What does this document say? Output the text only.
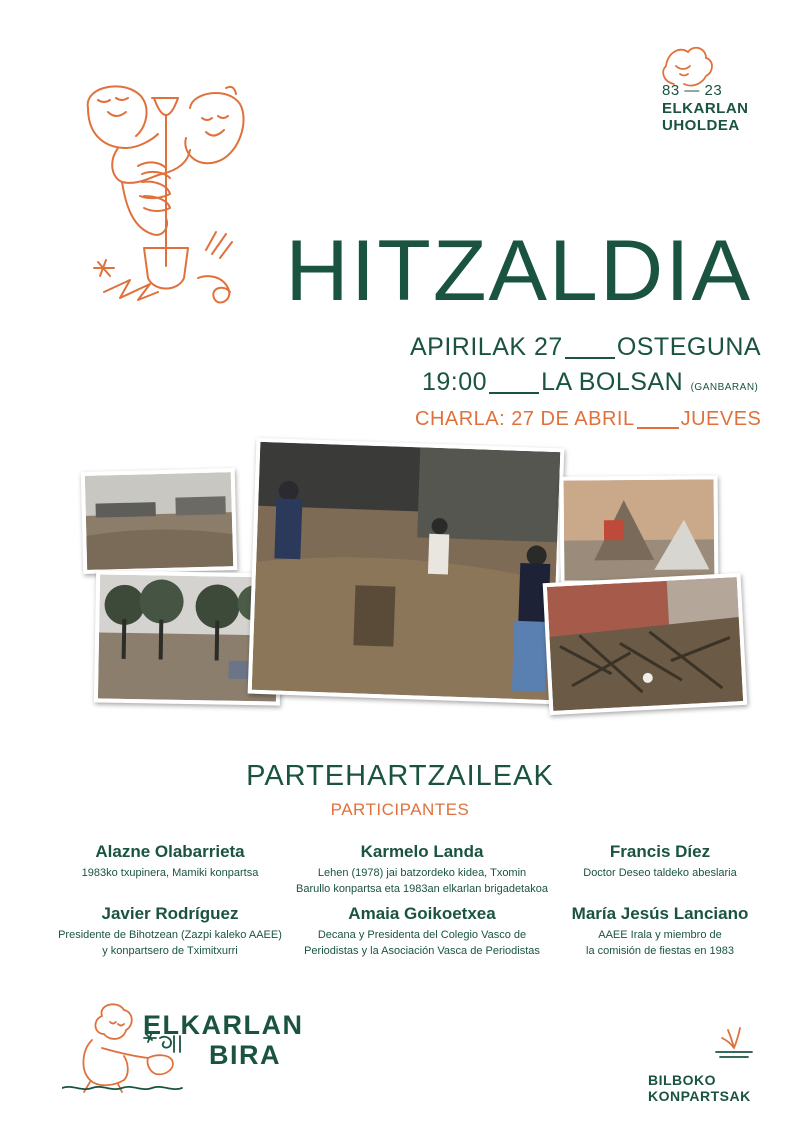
83 — 23
ELKARLAN
UHOLDEA
HITZALDIA
APIRILAK 27 OSTEGUNA
19:00 LA BOLSAN (GANBARAN)
CHARLA: 27 DE ABRIL JUEVES
PARTEHARTZAILEAK
PARTICIPANTES
Alazne Olabarrieta
1983ko txupinera, Mamiki konpartsa
Karmelo Landa
Lehen (1978) jai batzordeko kidea, Txomin
Barullo konpartsa eta 1983an elkarlan brigadetakoa
Francis Díez
Doctor Deseo taldeko abeslaria
Javier Rodríguez
Presidente de Bihotzean (Zazpi kaleko AAEE)
y konpartsero de Tximitxurri
Amaia Goikoetxea
Decana y Presidenta del Colegio Vasco de
Periodistas y la Asociación Vasca de Periodistas
María Jesús Lanciano
AAEE Irala y miembro de
la comisión de fiestas en 1983
ELKARLAN
BIRA
BILBOKO
KONPARTSAK
